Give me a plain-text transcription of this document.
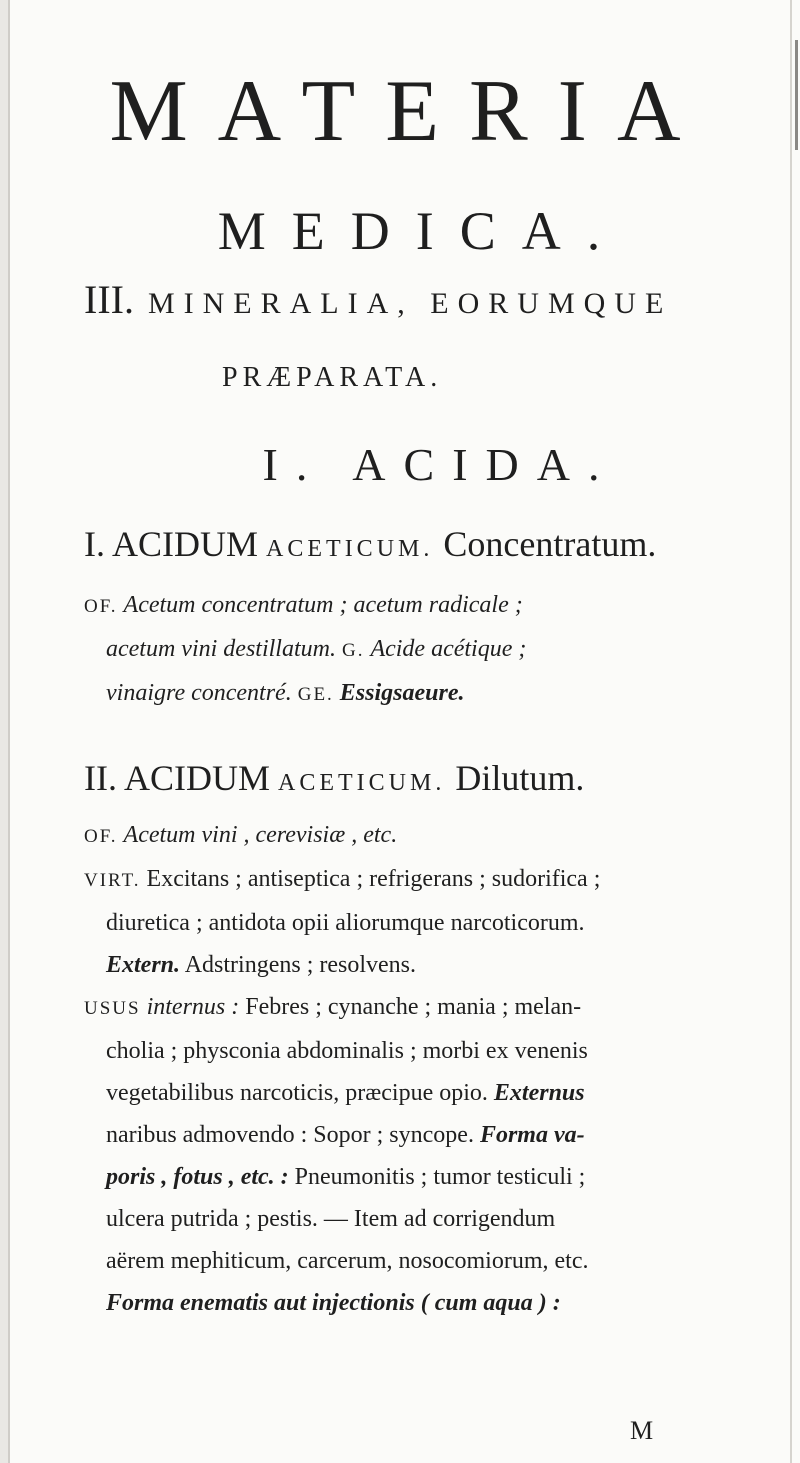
MATERIA
MEDICA.
III. MINERALIA, EORUMQUE
PRÆPARATA.
I. ACIDA.
I. ACIDUM ACETICUM. Concentratum.

OF. Acetum concentratum ; acetum radicale ;

acetum vini destillatum. G. Acide acétique ;

vinaigre concentré. GE. Essigsaeure.

II. ACIDUM ACETICUM. Dilutum.

OF. Acetum vini , cerevisiæ , etc.

VIRT. Excitans ; antiseptica ; refrigerans ; sudorifica ;

diuretica ; antidota opii aliorumque narcoticorum.

Extern. Adstringens ; resolvens.

USUS internus : Febres ; cynanche ; mania ; melan-

cholia ; physconia abdominalis ; morbi ex venenis

vegetabilibus narcoticis, præcipue opio. Externus

naribus admovendo : Sopor ; syncope. Forma va-

poris , fotus , etc. : Pneumonitis ; tumor testiculi ;

ulcera putrida ; pestis. — Item ad corrigendum

aërem mephiticum, carcerum, nosocomiorum, etc.

Forma enematis aut injectionis ( cum aqua ) :

M
